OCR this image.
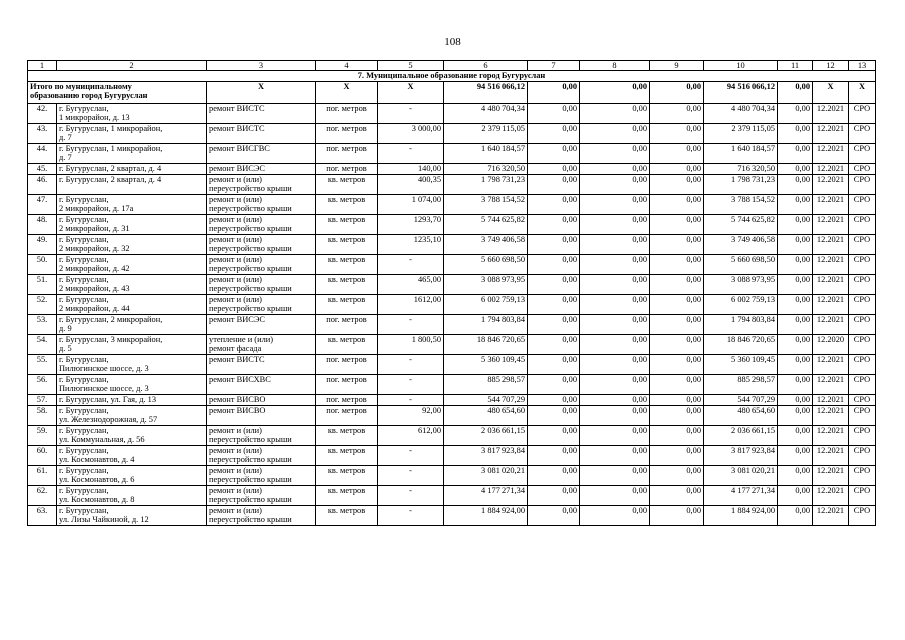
108
1	2	3	4	5	6	7	8	9	10	11	12	13
7. Муниципальное образование город Бугуруслан												
Итого по муниципальному
образованию город Бугуруслан		Х	Х	Х	94 516 066,12	0,00	0,00	0,00	94 516 066,12	0,00	Х	Х
42.	г. Бугуруслан,
1 микрорайон, д. 13	ремонт ВИСТС	пог. метров	-	4 480 704,34	0,00	0,00	0,00	4 480 704,34	0,00	12.2021	СРО
43.	г. Бугуруслан, 1 микрорайон,
д. 7	ремонт ВИСТС	пог. метров	3 000,00	2 379 115,05	0,00	0,00	0,00	2 379 115,05	0,00	12.2021	СРО
44.	г. Бугуруслан, 1 микрорайон,
д. 7	ремонт ВИСГВС	пог. метров	-	1 640 184,57	0,00	0,00	0,00	1 640 184,57	0,00	12.2021	СРО
45.	г. Бугуруслан, 2 квартал, д. 4	ремонт ВИСЭС	пог. метров	140,00	716 320,50	0,00	0,00	0,00	716 320,50	0,00	12.2021	СРО
46.	г. Бугуруслан, 2 квартал, д. 4	ремонт и (или)
переустройство крыши	кв. метров	400,35	1 798 731,23	0,00	0,00	0,00	1 798 731,23	0,00	12.2021	СРО
47.	г. Бугуруслан,
2 микрорайон, д. 17а	ремонт и (или)
переустройство крыши	кв. метров	1 074,00	3 788 154,52	0,00	0,00	0,00	3 788 154,52	0,00	12.2021	СРО
48.	г. Бугуруслан,
2 микрорайон, д. 31	ремонт и (или)
переустройство крыши	кв. метров	1293,70	5 744 625,82	0,00	0,00	0,00	5 744 625,82	0,00	12.2021	СРО
49.	г. Бугуруслан,
2 микрорайон, д. 32	ремонт и (или)
переустройство крыши	кв. метров	1235,10	3 749 406,58	0,00	0,00	0,00	3 749 406,58	0,00	12.2021	СРО
50.	г. Бугуруслан,
2 микрорайон, д. 42	ремонт и (или)
переустройство крыши	кв. метров	-	5 660 698,50	0,00	0,00	0,00	5 660 698,50	0,00	12.2021	СРО
51.	г. Бугуруслан,
2 микрорайон, д. 43	ремонт и (или)
переустройство крыши	кв. метров	465,00	3 088 973,95	0,00	0,00	0,00	3 088 973,95	0,00	12.2021	СРО
52.	г. Бугуруслан,
2 микрорайон, д. 44	ремонт и (или)
переустройство крыши	кв. метров	1612,00	6 002 759,13	0,00	0,00	0,00	6 002 759,13	0,00	12.2021	СРО
53.	г. Бугуруслан, 2 микрорайон,
д. 9	ремонт ВИСЭС	пог. метров	-	1 794 803,84	0,00	0,00	0,00	1 794 803,84	0,00	12.2021	СРО
54.	г. Бугуруслан, 3 микрорайон,
д. 5	утепление и (или)
ремонт фасада	кв. метров	1 800,50	18 846 720,65	0,00	0,00	0,00	18 846 720,65	0,00	12.2020	СРО
55.	г. Бугуруслан,
Пилюгинское шоссе, д. 3	ремонт ВИСТС	пог. метров	-	5 360 109,45	0,00	0,00	0,00	5 360 109,45	0,00	12.2021	СРО
56.	г. Бугуруслан,
Пилюгинское шоссе, д. 3	ремонт ВИСХВС	пог. метров	-	885 298,57	0,00	0,00	0,00	885 298,57	0,00	12.2021	СРО
57.	г. Бугуруслан, ул. Гая, д. 13	ремонт ВИСВО	пог. метров	-	544 707,29	0,00	0,00	0,00	544 707,29	0,00	12.2021	СРО
58.	г. Бугуруслан,
ул. Железнодорожная, д. 57	ремонт ВИСВО	пог. метров	92,00	480 654,60	0,00	0,00	0,00	480 654,60	0,00	12.2021	СРО
59.	г. Бугуруслан,
ул. Коммунальная, д. 56	ремонт и (или)
переустройство крыши	кв. метров	612,00	2 036 661,15	0,00	0,00	0,00	2 036 661,15	0,00	12.2021	СРО
60.	г. Бугуруслан,
ул. Космонавтов, д. 4	ремонт и (или)
переустройство крыши	кв. метров	-	3 817 923,84	0,00	0,00	0,00	3 817 923,84	0,00	12.2021	СРО
61.	г. Бугуруслан,
ул. Космонавтов, д. 6	ремонт и (или)
переустройство крыши	кв. метров	-	3 081 020,21	0,00	0,00	0,00	3 081 020,21	0,00	12.2021	СРО
62.	г. Бугуруслан,
ул. Космонавтов, д. 8	ремонт и (или)
переустройство крыши	кв. метров	-	4 177 271,34	0,00	0,00	0,00	4 177 271,34	0,00	12.2021	СРО
63.	г. Бугуруслан,
ул. Лизы Чайкиной, д. 12	ремонт и (или)
переустройство крыши	кв. метров	-	1 884 924,00	0,00	0,00	0,00	1 884 924,00	0,00	12.2021	СРО
